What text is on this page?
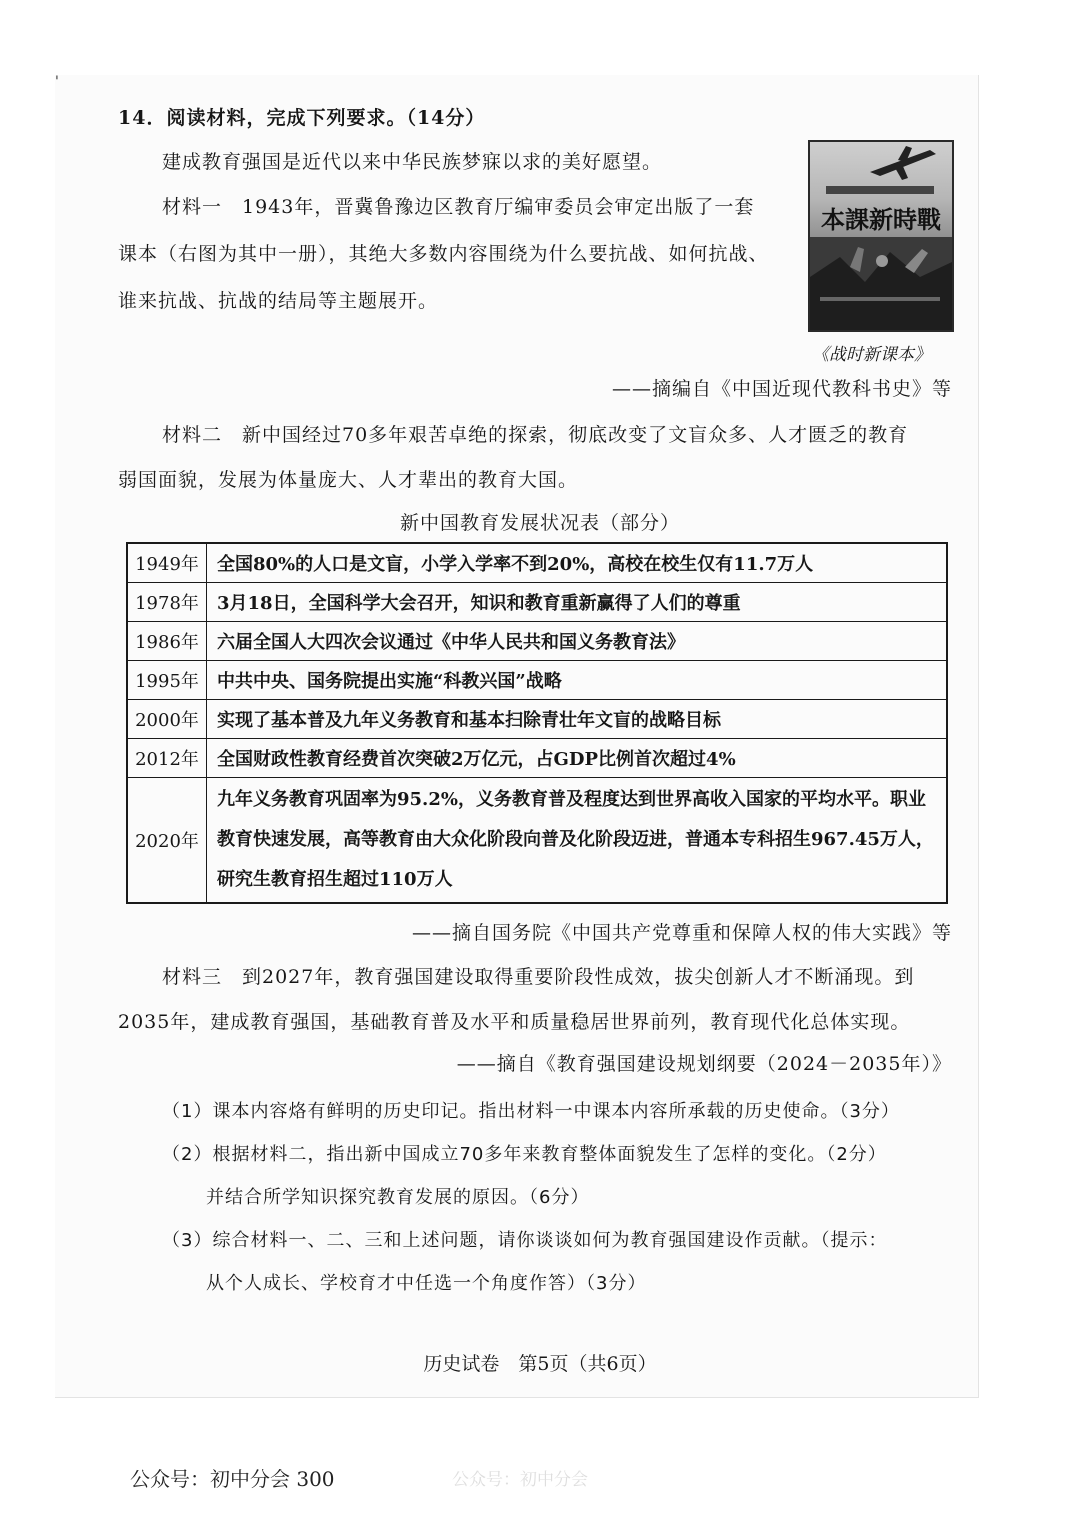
'
14．阅读材料，完成下列要求。（14分）
建成教育强国是近代以来中华民族梦寐以求的美好愿望。
材料一　1943年，晋冀鲁豫边区教育厅编审委员会审定出版了一套
课本（右图为其中一册），其绝大多数内容围绕为什么要抗战、如何抗战、
谁来抗战、抗战的结局等主题展开。
本課新時戰
《战时新课本》
——摘编自《中国近现代教科书史》等
材料二　新中国经过70多年艰苦卓绝的探索，彻底改变了文盲众多、人才匮乏的教育
弱国面貌，发展为体量庞大、人才辈出的教育大国。
新中国教育发展状况表（部分）
1949年	全国80%的人口是文盲，小学入学率不到20%，高校在校生仅有11.7万人
1978年	3月18日，全国科学大会召开，知识和教育重新赢得了人们的尊重
1986年	六届全国人大四次会议通过《中华人民共和国义务教育法》
1995年	中共中央、国务院提出实施“科教兴国”战略
2000年	实现了基本普及九年义务教育和基本扫除青壮年文盲的战略目标
2012年	全国财政性教育经费首次突破2万亿元，占GDP比例首次超过4%
2020年	九年义务教育巩固率为95.2%，义务教育普及程度达到世界高收入国家的平均水平。职业教育快速发展，高等教育由大众化阶段向普及化阶段迈进，普通本专科招生967.45万人，研究生教育招生超过110万人
——摘自国务院《中国共产党尊重和保障人权的伟大实践》等
材料三　到2027年，教育强国建设取得重要阶段性成效，拔尖创新人才不断涌现。到
2035年，建成教育强国，基础教育普及水平和质量稳居世界前列，教育现代化总体实现。
——摘自《教育强国建设规划纲要（2024－2035年）》
（1）课本内容烙有鲜明的历史印记。指出材料一中课本内容所承载的历史使命。（3分）
（2）根据材料二，指出新中国成立70多年来教育整体面貌发生了怎样的变化。（2分）
并结合所学知识探究教育发展的原因。（6分）
（3）综合材料一、二、三和上述问题，请你谈谈如何为教育强国建设作贡献。（提示：
从个人成长、学校育才中任选一个角度作答）（3分）
历史试卷　第5页（共6页）
公众号：初中分会 300	公众号：初中分会
